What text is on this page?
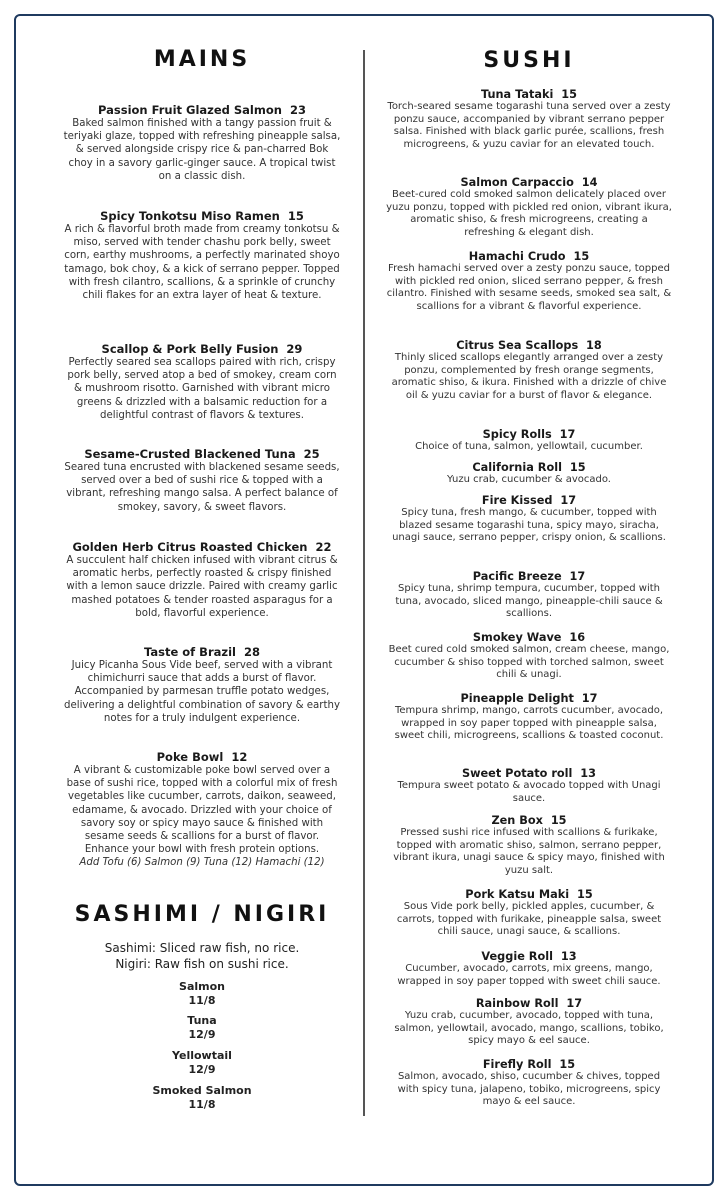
MAINS
Passion Fruit Glazed Salmon 23
Baked salmon finished with a tangy passion fruit & teriyaki glaze, topped with refreshing pineapple salsa, & served alongside crispy rice & pan-charred Bok choy in a savory garlic-ginger sauce. A tropical twist on a classic dish.
Spicy Tonkotsu Miso Ramen 15
A rich & flavorful broth made from creamy tonkotsu & miso, served with tender chashu pork belly, sweet corn, earthy mushrooms, a perfectly marinated shoyo tamago, bok choy, & a kick of serrano pepper. Topped with fresh cilantro, scallions, & a sprinkle of crunchy chili flakes for an extra layer of heat & texture.
Scallop & Pork Belly Fusion 29
Perfectly seared sea scallops paired with rich, crispy pork belly, served atop a bed of smokey, cream corn & mushroom risotto. Garnished with vibrant micro greens & drizzled with a balsamic reduction for a delightful contrast of flavors & textures.
Sesame-Crusted Blackened Tuna 25
Seared tuna encrusted with blackened sesame seeds, served over a bed of sushi rice & topped with a vibrant, refreshing mango salsa. A perfect balance of smokey, savory, & sweet flavors.
Golden Herb Citrus Roasted Chicken 22
A succulent half chicken infused with vibrant citrus & aromatic herbs, perfectly roasted & crispy finished with a lemon sauce drizzle. Paired with creamy garlic mashed potatoes & tender roasted asparagus for a bold, flavorful experience.
Taste of Brazil 28
Juicy Picanha Sous Vide beef, served with a vibrant chimichurri sauce that adds a burst of flavor. Accompanied by parmesan truffle potato wedges, delivering a delightful combination of savory & earthy notes for a truly indulgent experience.
Poke Bowl 12
A vibrant & customizable poke bowl served over a base of sushi rice, topped with a colorful mix of fresh vegetables like cucumber, carrots, daikon, seaweed, edamame, & avocado. Drizzled with your choice of savory soy or spicy mayo sauce & finished with sesame seeds & scallions for a burst of flavor. Enhance your bowl with fresh protein options.
Add Tofu (6) Salmon (9) Tuna (12) Hamachi (12)
SASHIMI / NIGIRI
Sashimi: Sliced raw fish, no rice.
Nigiri: Raw fish on sushi rice.
Salmon
11/8
Tuna
12/9
Yellowtail
12/9
Smoked Salmon
11/8
SUSHI
Tuna Tataki 15
Torch-seared sesame togarashi tuna served over a zesty ponzu sauce, accompanied by vibrant serrano pepper salsa. Finished with black garlic purée, scallions, fresh microgreens, & yuzu caviar for an elevated touch.
Salmon Carpaccio 14
Beet-cured cold smoked salmon delicately placed over yuzu ponzu, topped with pickled red onion, vibrant ikura, aromatic shiso, & fresh microgreens, creating a refreshing & elegant dish.
Hamachi Crudo 15
Fresh hamachi served over a zesty ponzu sauce, topped with pickled red onion, sliced serrano pepper, & fresh cilantro. Finished with sesame seeds, smoked sea salt, & scallions for a vibrant & flavorful experience.
Citrus Sea Scallops 18
Thinly sliced scallops elegantly arranged over a zesty ponzu, complemented by fresh orange segments, aromatic shiso, & ikura. Finished with a drizzle of chive oil & yuzu caviar for a burst of flavor & elegance.
Spicy Rolls 17
Choice of tuna, salmon, yellowtail, cucumber.
California Roll 15
Yuzu crab, cucumber & avocado.
Fire Kissed 17
Spicy tuna, fresh mango, & cucumber, topped with blazed sesame togarashi tuna, spicy mayo, siracha, unagi sauce, serrano pepper, crispy onion, & scallions.
Pacific Breeze 17
Spicy tuna, shrimp tempura, cucumber, topped with tuna, avocado, sliced mango, pineapple-chili sauce & scallions.
Smokey Wave 16
Beet cured cold smoked salmon, cream cheese, mango, cucumber & shiso topped with torched salmon, sweet chili & unagi.
Pineapple Delight 17
Tempura shrimp, mango, carrots cucumber, avocado, wrapped in soy paper topped with pineapple salsa, sweet chili, microgreens, scallions & toasted coconut.
Sweet Potato roll 13
Tempura sweet potato & avocado topped with Unagi sauce.
Zen Box 15
Pressed sushi rice infused with scallions & furikake, topped with aromatic shiso, salmon, serrano pepper, vibrant ikura, unagi sauce & spicy mayo, finished with yuzu salt.
Pork Katsu Maki 15
Sous Vide pork belly, pickled apples, cucumber, & carrots, topped with furikake, pineapple salsa, sweet chili sauce, unagi sauce, & scallions.
Veggie Roll 13
Cucumber, avocado, carrots, mix greens, mango, wrapped in soy paper topped with sweet chili sauce.
Rainbow Roll 17
Yuzu crab, cucumber, avocado, topped with tuna, salmon, yellowtail, avocado, mango, scallions, tobiko, spicy mayo & eel sauce.
Firefly Roll 15
Salmon, avocado, shiso, cucumber & chives, topped with spicy tuna, jalapeno, tobiko, microgreens, spicy mayo & eel sauce.
